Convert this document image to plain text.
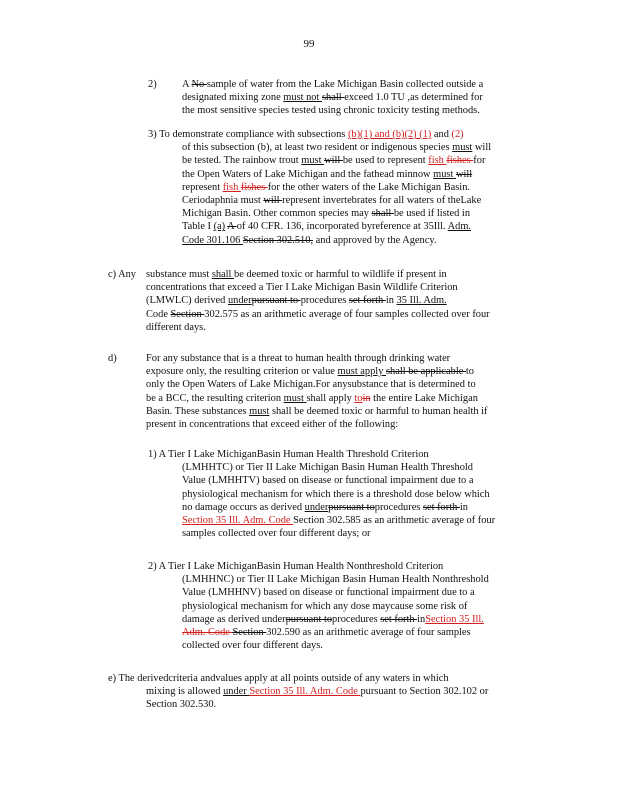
99
2) A No sample of water from the Lake Michigan Basin collected outside a
designated mixing zone must not shall exceed 1.0 TU ,as determined for
the most sensitive species tested using chronic toxicity testing methods.
3) To demonstrate compliance with subsections (b)(1) and (b)(2) (1) and (2)
of this subsection (b), at least two resident or indigenous species must will
be tested. The rainbow trout must will be used to represent fish fishes for
the Open Waters of Lake Michigan and the fathead minnow must will
represent fish fishes for the other waters of the Lake Michigan Basin.
Ceriodaphnia must will represent invertebrates for all waters of theLake
Michigan Basin. Other common species may shall be used if listed in
Table I (a) A of 40 CFR. 136, incorporated byreference at 35Ill. Adm.
Code 301.106 Section 302.510, and approved by the Agency.
c) Any substance must shall be deemed toxic or harmful to wildlife if present in
concentrations that exceed a Tier I Lake Michigan Basin Wildlife Criterion
(LMWLC) derived underpursuant to procedures set forth in 35 Ill. Adm.
Code Section 302.575 as an arithmetic average of four samples collected over four
different days.
d)	For any substance that is a threat to human health through drinking water
exposure only, the resulting criterion or value must apply shall be applicable to
only the Open Waters of Lake Michigan.For anysubstance that is determined to
be a BCC, the resulting criterion must shall apply toin the entire Lake Michigan
Basin. These substances must shall be deemed toxic or harmful to human health if
present in concentrations that exceed either of the following:
1) A Tier I Lake MichiganBasin Human Health Threshold Criterion
(LMHHTC) or Tier II Lake Michigan Basin Human Health Threshold
Value (LMHHTV) based on disease or functional impairment due to a
physiological mechanism for which there is a threshold dose below which
no damage occurs as derived underpursuant toprocedures set forth in
Section 35 Ill. Adm. Code Section 302.585 as an arithmetic average of four
samples collected over four different days; or
2) A Tier I Lake MichiganBasin Human Health Nonthreshold Criterion
(LMHHNC) or Tier II Lake Michigan Basin Human Health Nonthreshold
Value (LMHHNV) based on disease or functional impairment due to a
physiological mechanism for which any dose maycause some risk of
damage as derived underpursuant toprocedures set forth inSection 35 Ill.
Adm. Code Section 302.590 as an arithmetic average of four samples
collected over four different days.
e) The derivedcriteria andvalues apply at all points outside of any waters in which
mixing is allowed under Section 35 Ill. Adm. Code pursuant to Section 302.102 or
Section 302.530.
